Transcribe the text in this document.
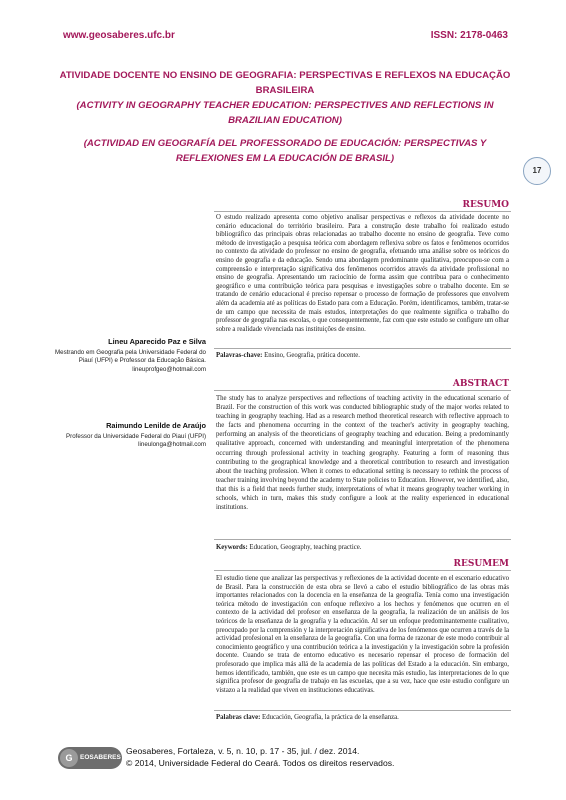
www.geosaberes.ufc.br	ISSN: 2178-0463
ATIVIDADE DOCENTE NO ENSINO DE GEOGRAFIA: PERSPECTIVAS E REFLEXOS NA EDUCAÇÃO BRASILEIRA
(ACTIVITY IN GEOGRAPHY TEACHER EDUCATION: PERSPECTIVES AND REFLECTIONS IN BRAZILIAN EDUCATION)
(ACTIVIDAD EN GEOGRAFÍA DEL PROFESSORADO DE EDUCACIÓN: PERSPECTIVAS Y REFLEXIONES EM LA EDUCACIÓN DE BRASIL)
17
RESUMO
O estudo realizado apresenta como objetivo analisar perspectivas e reflexos da atividade docente no cenário educacional do território brasileiro. Para a construção deste trabalho foi realizado estudo bibliográfico das principais obras relacionadas ao trabalho docente no ensino de geografia. Teve como método de investigação a pesquisa teórica com abordagem reflexiva sobre os fatos e fenômenos ocorridos no contexto da atividade do professor no ensino de geografia, efetuando uma análise sobre os teóricos do ensino de geografia e da educação. Sendo uma abordagem predominante qualitativa, preocupou-se com a compreensão e interpretação significativa dos fenômenos ocorridos através da atividade profissional no ensino de geografia. Apresentando um raciocínio de forma assim que contribua para o conhecimento geográfico e uma contribuição teórica para pesquisas e investigações sobre o trabalho docente. Em se tratando de cenário educacional é preciso repensar o processo de formação de professores que envolvem além da academia até as políticas do Estado para com a Educação. Porém, identificamos, também, tratar-se de um campo que necessita de mais estudos, interpretações do que realmente significa o trabalho do professor de geografia nas escolas, o que consequentemente, faz com que este estudo se configure um olhar sobre a realidade vivenciada nas instituições de ensino.
Palavras-chave: Ensino, Geografia, prática docente.
Lineu Aparecido Paz e Silva
Mestrando em Geografia pela Universidade Federal do Piauí (UFPI) e Professor da Educação Básica.
lineuprofgeo@hotmail.com
Raimundo Lenilde de Araújo
Professor da Universidade Federal do Piauí (UFPI)
lineulonga@hotmail.com
ABSTRACT
The study has to analyze perspectives and reflections of teaching activity in the educational scenario of Brazil. For the construction of this work was conducted bibliographic study of the major works related to teaching in geography teaching. Had as a research method theoretical research with reflective approach to the facts and phenomena occurring in the context of the teacher's activity in geography teaching, performing an analysis of the theoreticians of geography teaching and education. Being a predominantly qualitative approach, concerned with understanding and meaningful interpretation of the phenomena occurring through professional activity in teaching geography. Featuring a form of reasoning thus contributing to the geographical knowledge and a theoretical contribution to research and investigation about the teaching profession. When it comes to educational setting is necessary to rethink the process of teacher training involving beyond the academy to State policies to Education. However, we identified, also, that this is a field that needs further study, interpretations of what it means geography teacher working in schools, which in turn, makes this study configure a look at the reality experienced in educational institutions.
Keywords: Education, Geography, teaching practice.
RESUMEM
El estudio tiene que analizar las perspectivas y reflexiones de la actividad docente en el escenario educativo de Brasil. Para la construcción de esta obra se llevó a cabo el estudio bibliográfico de las obras más importantes relacionados con la docencia en la enseñanza de la geografía. Tenía como una investigación teórica método de investigación con enfoque reflexivo a los hechos y fenómenos que ocurren en el contexto de la actividad del profesor en enseñanza de la geografía, la realización de un análisis de los teóricos de la enseñanza de la geografía y la educación. Al ser un enfoque predominantemente cualitativo, preocupado por la comprensión y la interpretación significativa de los fenómenos que ocurren a través de la actividad profesional en la enseñanza de la geografía. Con una forma de razonar de este modo contribuir al conocimiento geográfico y una contribución teórica a la investigación y la investigación sobre la profesión docente. Cuando se trata de entorno educativo es necesario repensar el proceso de formación del profesorado que implica más allá de la academia de las políticas del Estado a la educación. Sin embargo, hemos identificado, también, que este es un campo que necesita más estudio, las interpretaciones de lo que significa profesor de geografía de trabajo en las escuelas, que a su vez, hace que este estudio configure un vistazo a la realidad que viven en instituciones educativas.
Palabras clave: Educación, Geografía, la práctica de la enseñanza.
G EOSABERES
Geosaberes, Fortaleza, v. 5, n. 10, p. 17 - 35, jul. / dez. 2014.
© 2014, Universidade Federal do Ceará. Todos os direitos reservados.
